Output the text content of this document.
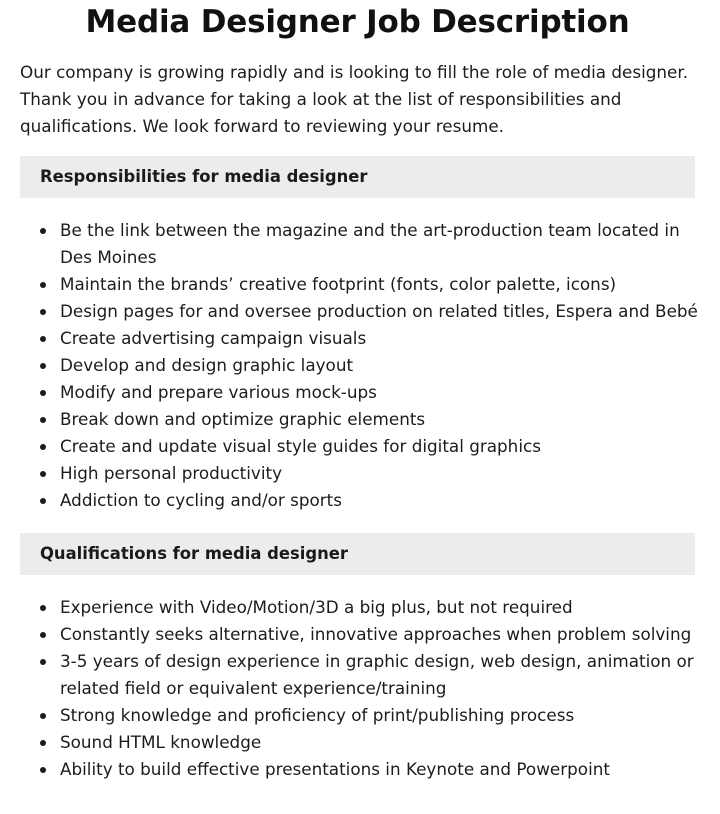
Media Designer Job Description

Our company is growing rapidly and is looking to fill the role of media designer. Thank you in advance for taking a look at the list of responsibilities and qualifications. We look forward to reviewing your resume.

Responsibilities for media designer
Be the link between the magazine and the art-production team located in Des Moines
Maintain the brands’ creative footprint (fonts, color palette, icons)
Design pages for and oversee production on related titles, Espera and Bebé
Create advertising campaign visuals
Develop and design graphic layout
Modify and prepare various mock-ups
Break down and optimize graphic elements
Create and update visual style guides for digital graphics
High personal productivity
Addiction to cycling and/or sports
Qualifications for media designer
Experience with Video/Motion/3D a big plus, but not required
Constantly seeks alternative, innovative approaches when problem solving
3-5 years of design experience in graphic design, web design, animation or related field or equivalent experience/training
Strong knowledge and proficiency of print/publishing process
Sound HTML knowledge
Ability to build effective presentations in Keynote and Powerpoint
